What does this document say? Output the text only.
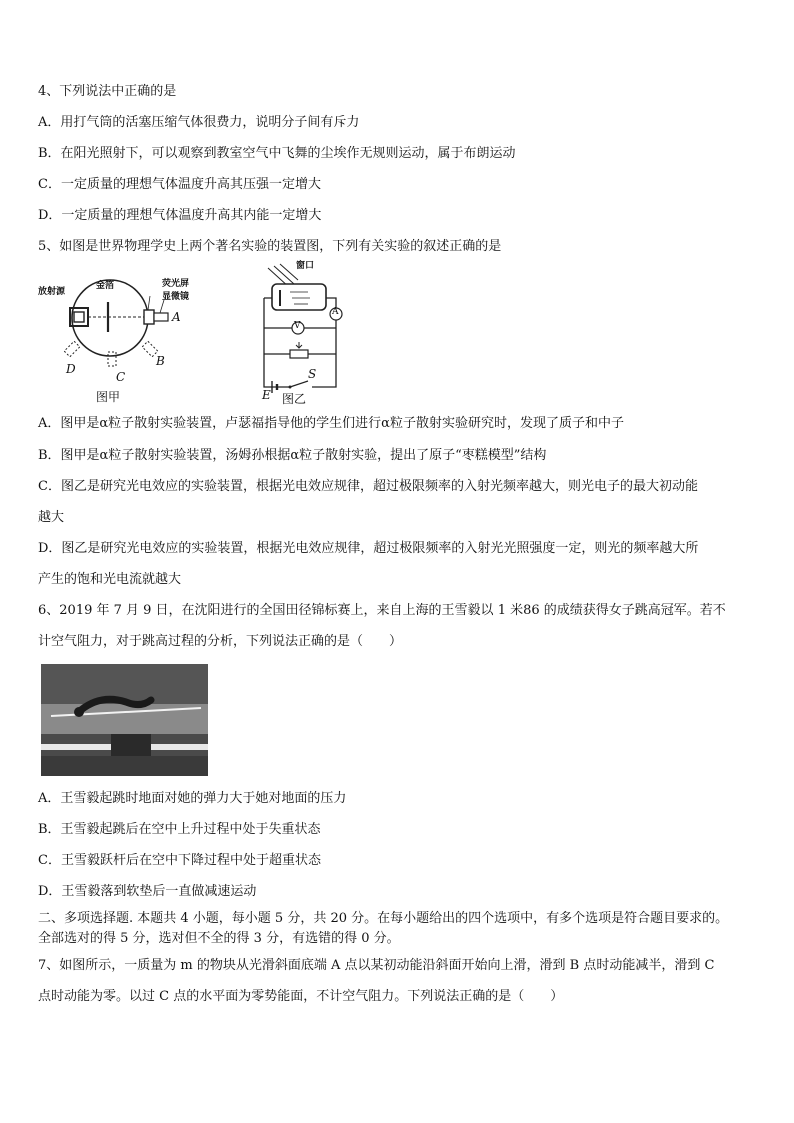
4、下列说法中正确的是
A．用打气筒的活塞压缩气体很费力，说明分子间有斥力
B．在阳光照射下，可以观察到教室空气中飞舞的尘埃作无规则运动，属于布朗运动
C．一定质量的理想气体温度升高其压强一定增大
D．一定质量的理想气体温度升高其内能一定增大
5、如图是世界物理学史上两个著名实验的装置图，下列有关实验的叙述正确的是
放射源
金箔	荧光屏
显微镜
A
B
C
D
图甲
窗口
V
A
E
S
图乙
A．图甲是α粒子散射实验装置，卢瑟福指导他的学生们进行α粒子散射实验研究时，发现了质子和中子
B．图甲是α粒子散射实验装置，汤姆孙根据α粒子散射实验，提出了原子“枣糕模型”结构
C．图乙是研究光电效应的实验装置，根据光电效应规律，超过极限频率的入射光频率越大，则光电子的最大初动能
越大
D．图乙是研究光电效应的实验装置，根据光电效应规律，超过极限频率的入射光光照强度一定，则光的频率越大所
产生的饱和光电流就越大
6、2019 年 7 月 9 日，在沈阳进行的全国田径锦标赛上，来自上海的王雪毅以 1 米86 的成绩获得女子跳高冠军。若不
计空气阻力，对于跳高过程的分析，下列说法正确的是（　　）
A．王雪毅起跳时地面对她的弹力大于她对地面的压力
B．王雪毅起跳后在空中上升过程中处于失重状态
C．王雪毅跃杆后在空中下降过程中处于超重状态
D．王雪毅落到软垫后一直做减速运动
二、多项选择题. 本题共 4 小题，每小题 5 分，共 20 分。在每小题给出的四个选项中，有多个选项是符合题目要求的。
全部选对的得 5 分，选对但不全的得 3 分，有选错的得 0 分。
7、如图所示，一质量为 m 的物块从光滑斜面底端 A 点以某初动能沿斜面开始向上滑，滑到 B 点时动能减半，滑到 C
点时动能为零。以过 C 点的水平面为零势能面，不计空气阻力。下列说法正确的是（　　）
